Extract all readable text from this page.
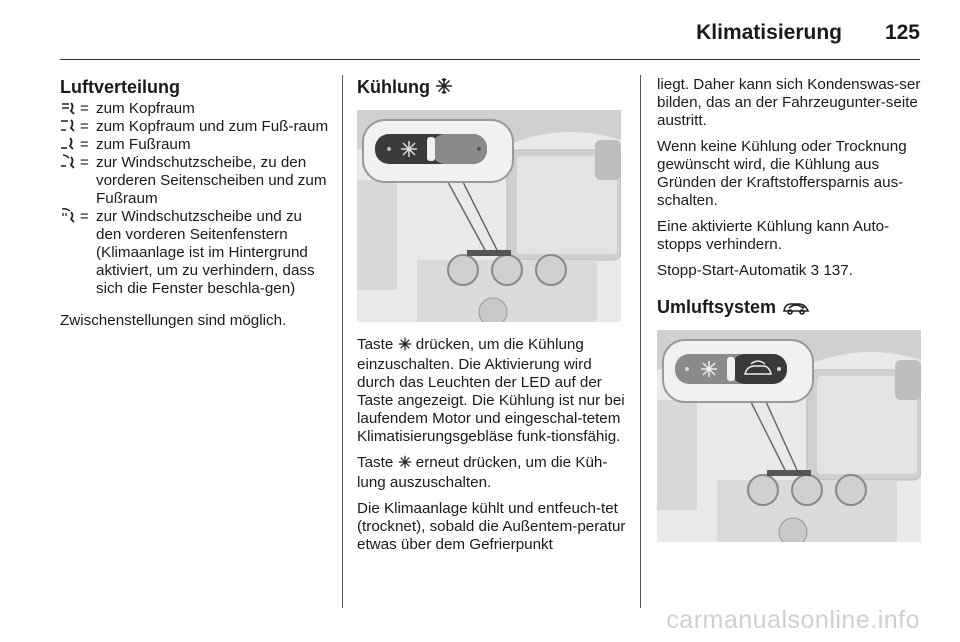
Klimatisierung 125
Luftverteilung
= zum Kopfraum
= zum Kopfraum und zum Fuß-raum
= zum Fußraum
= zur Windschutzscheibe, zu den vorderen Seitenscheiben und zum Fußraum
= zur Windschutzscheibe und zu den vorderen Seitenfenstern (Klimaanlage ist im Hintergrund aktiviert, um zu verhindern, dass sich die Fenster beschla-gen)

Zwischenstellungen sind möglich.

Kühlung

Taste drücken, um die Kühlung einzuschalten. Die Aktivierung wird durch das Leuchten der LED auf der Taste angezeigt. Die Kühlung ist nur bei laufendem Motor und eingeschal-tetem Klimatisierungsgebläse funk-tionsfähig.

Taste erneut drücken, um die Küh-lung auszuschalten.

Die Klimaanlage kühlt und entfeuch-tet (trocknet), sobald die Außentem-peratur etwas über dem Gefrierpunkt

liegt. Daher kann sich Kondenswas-ser bilden, das an der Fahrzeugunter-seite austritt.

Wenn keine Kühlung oder Trocknung gewünscht wird, die Kühlung aus Gründen der Kraftstoffersparnis aus-schalten.

Eine aktivierte Kühlung kann Auto-stopps verhindern.

Stopp-Start-Automatik 3 137.

Umluftsystem
carmanualsonline.info
